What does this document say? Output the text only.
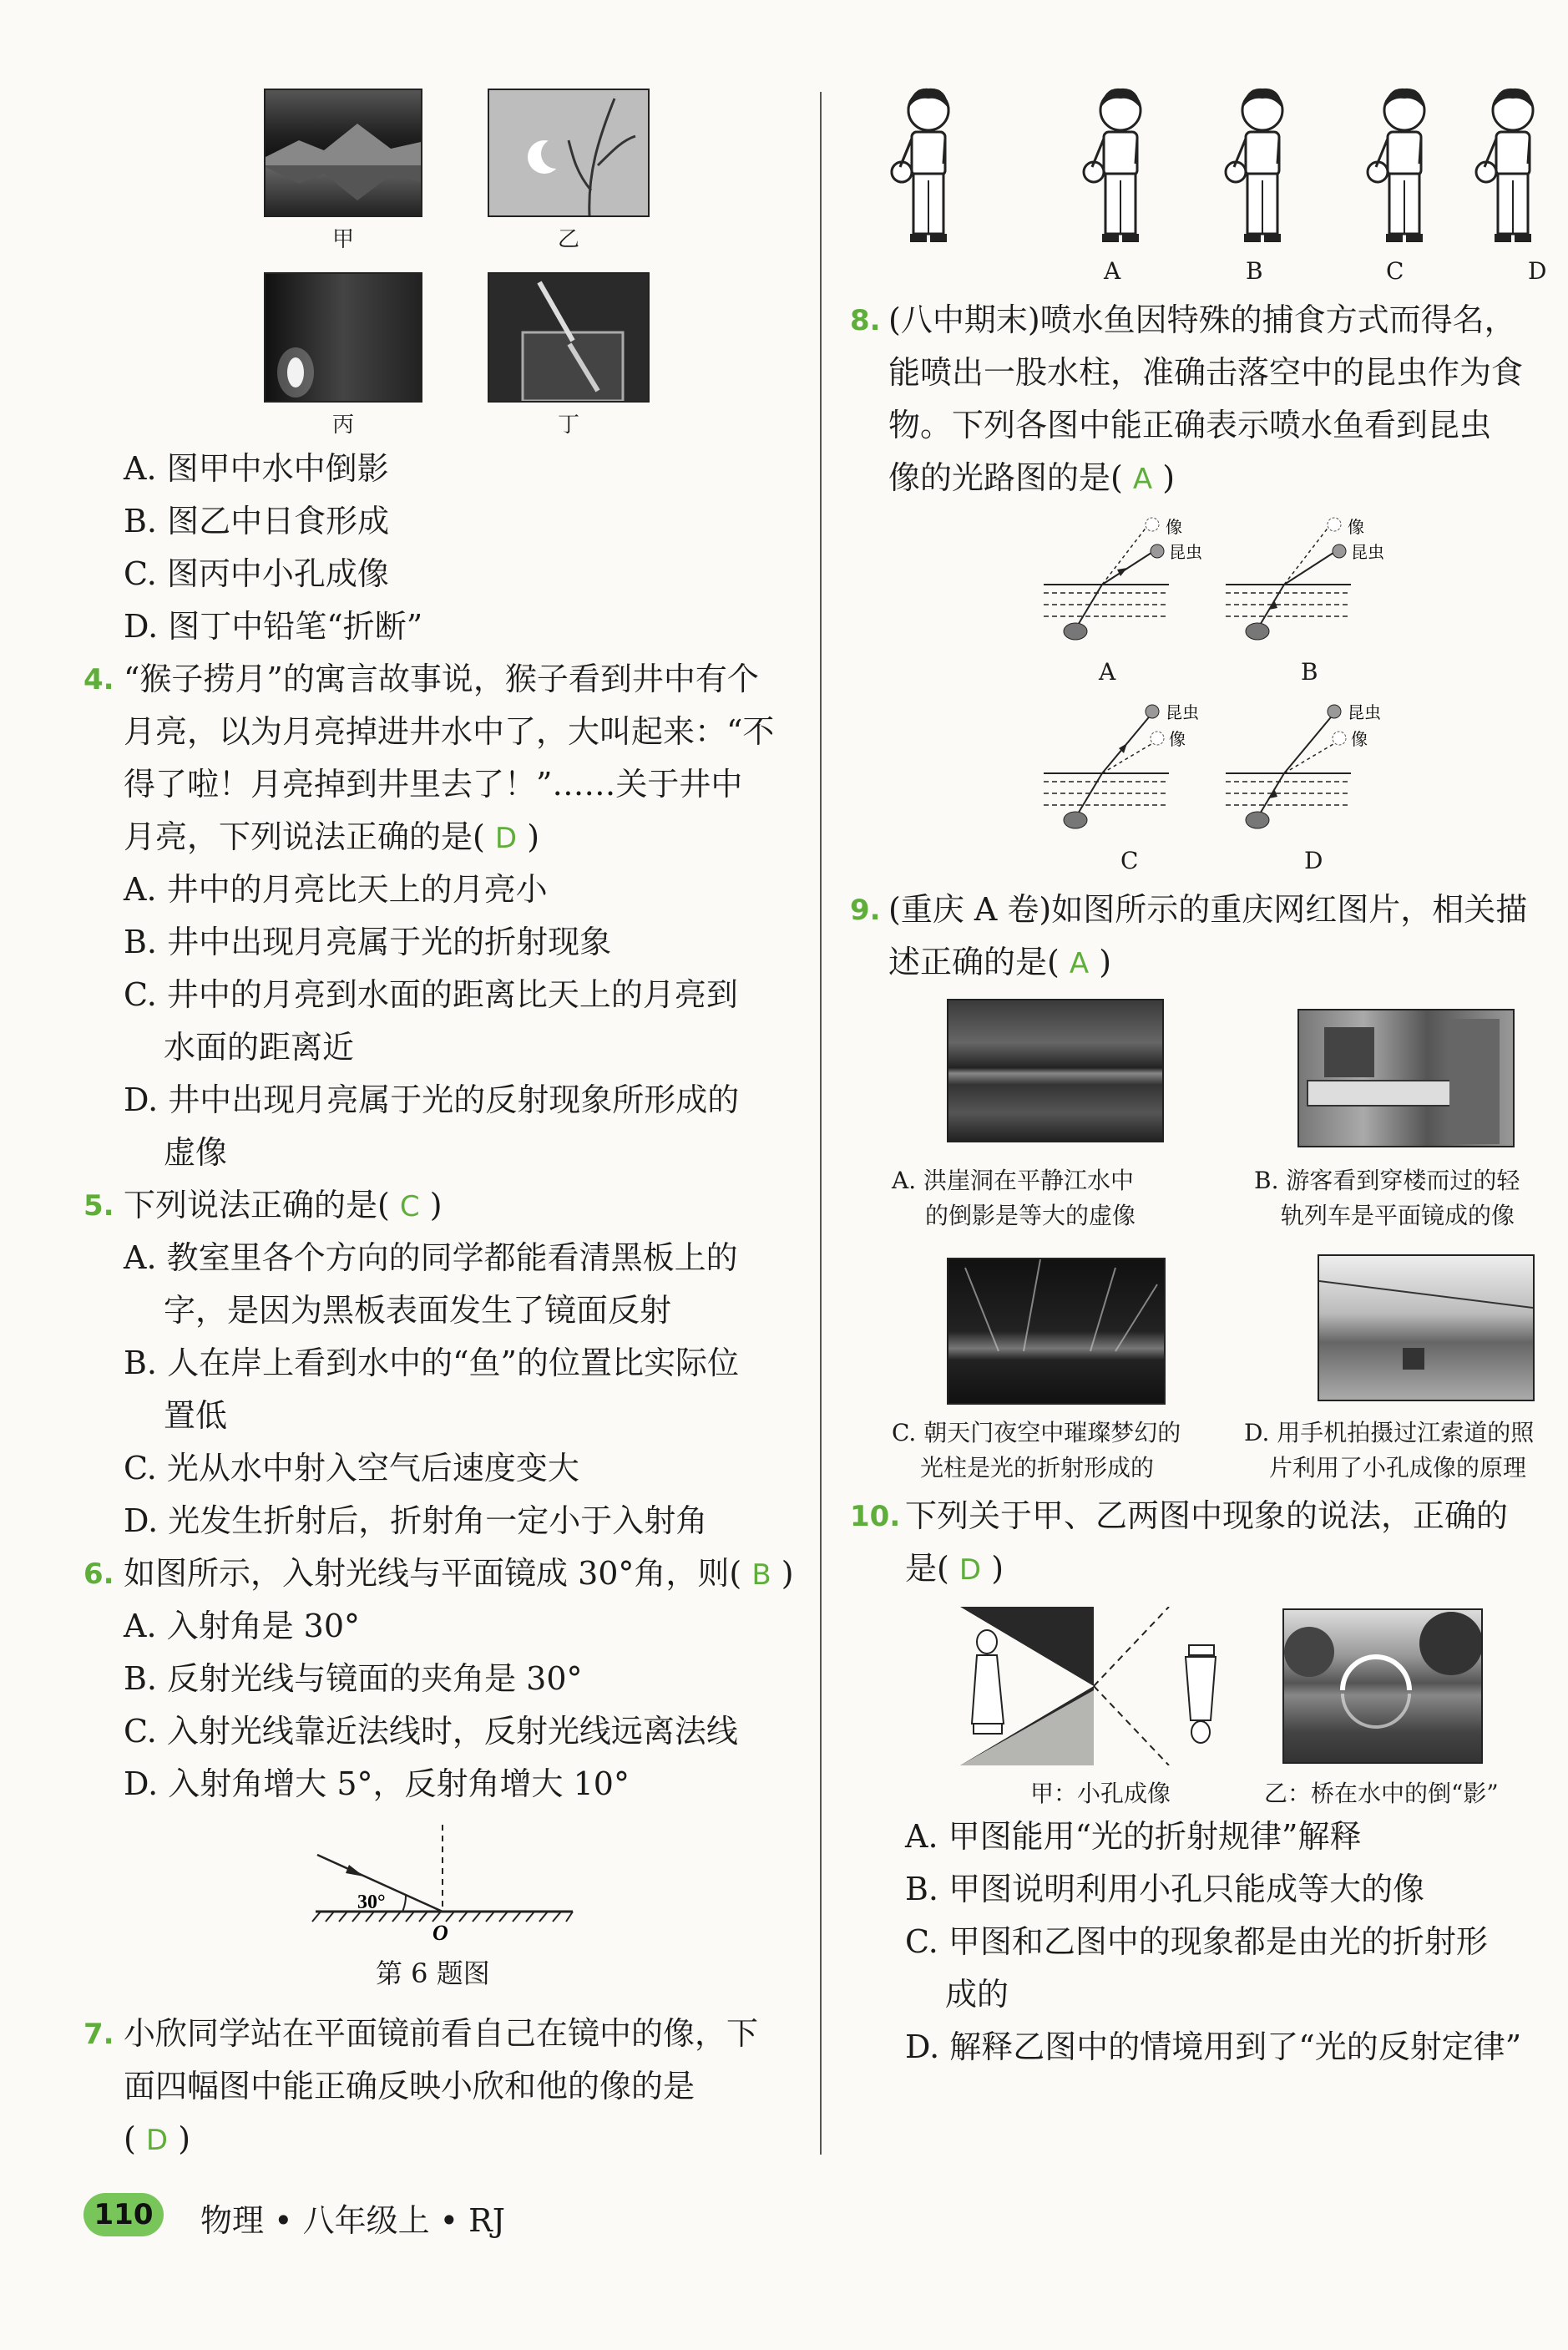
甲	乙
丙	丁
A. 图甲中水中倒影
B. 图乙中日食形成
C. 图丙中小孔成像
D. 图丁中铅笔“折断”
4. “猴子捞月”的寓言故事说，猴子看到井中有个
月亮，以为月亮掉进井水中了，大叫起来：“不
得了啦！月亮掉到井里去了！”……关于井中
月亮，下列说法正确的是( D )
A. 井中的月亮比天上的月亮小
B. 井中出现月亮属于光的折射现象
C. 井中的月亮到水面的距离比天上的月亮到
水面的距离近
D. 井中出现月亮属于光的反射现象所形成的
虚像
5. 下列说法正确的是( C )
A. 教室里各个方向的同学都能看清黑板上的
字，是因为黑板表面发生了镜面反射
B. 人在岸上看到水中的“鱼”的位置比实际位
置低
C. 光从水中射入空气后速度变大
D. 光发生折射后，折射角一定小于入射角
6. 如图所示，入射光线与平面镜成 30°角，则( B )
A. 入射角是 30°
B. 反射光线与镜面的夹角是 30°
C. 入射光线靠近法线时，反射光线远离法线
D. 入射角增大 5°，反射角增大 10°
30°
O
第 6 题图
7. 小欣同学站在平面镜前看自己在镜中的像，下
面四幅图中能正确反映小欣和他的像的是
( D )
A	B	C	D
8. (八中期末)喷水鱼因特殊的捕食方式而得名，
能喷出一股水柱，准确击落空中的昆虫作为食
物。下列各图中能正确表示喷水鱼看到昆虫
像的光路图的是( A )
像
昆虫
A
像
昆虫
B
昆虫
像
C
昆虫
像
D
9. (重庆 A 卷)如图所示的重庆网红图片，相关描
述正确的是( A )
A. 洪崖洞在平静江水中
的倒影是等大的虚像
B. 游客看到穿楼而过的轻
轨列车是平面镜成的像
C. 朝天门夜空中璀璨梦幻的
光柱是光的折射形成的
D. 用手机拍摄过江索道的照
片利用了小孔成像的原理
10. 下列关于甲、乙两图中现象的说法，正确的
是( D )
甲：小孔成像	乙：桥在水中的倒“影”
A. 甲图能用“光的折射规律”解释
B. 甲图说明利用小孔只能成等大的像
C. 甲图和乙图中的现象都是由光的折射形
成的
D. 解释乙图中的情境用到了“光的反射定律”
110	物理 • 八年级上 • RJ
